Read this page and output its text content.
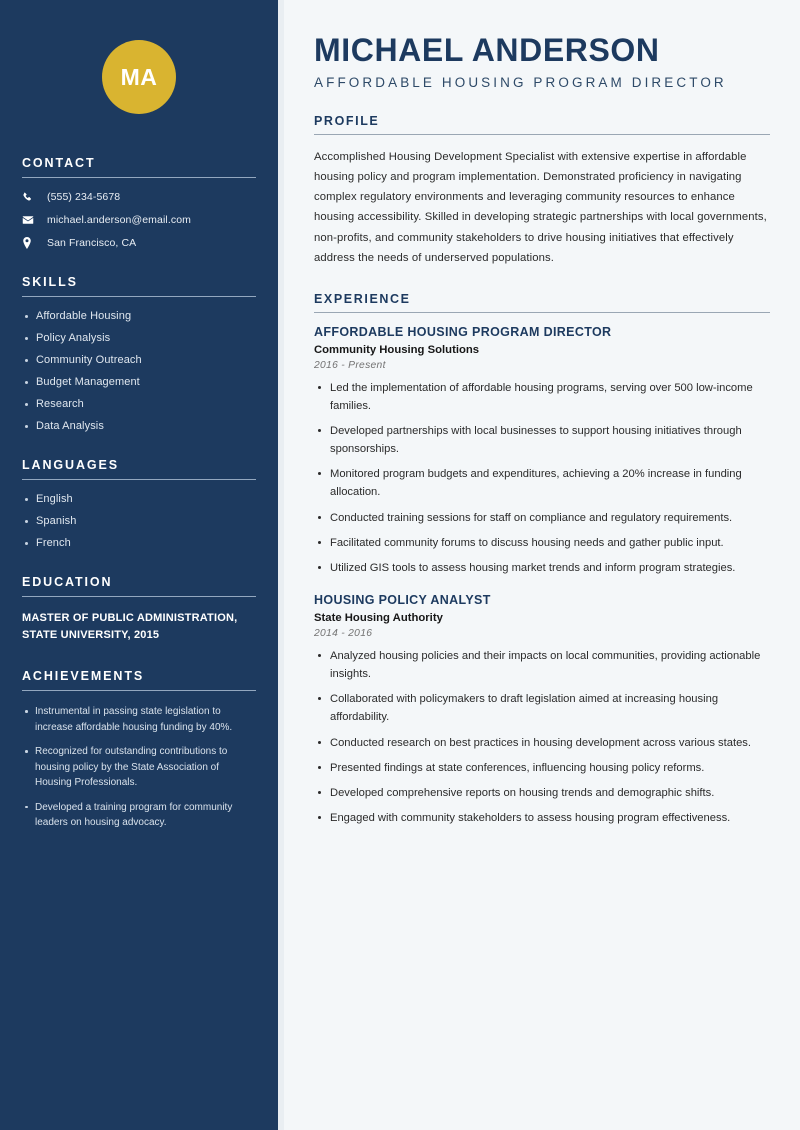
MA
CONTACT
(555) 234-5678
michael.anderson@email.com
San Francisco, CA
SKILLS
Affordable Housing
Policy Analysis
Community Outreach
Budget Management
Research
Data Analysis
LANGUAGES
English
Spanish
French
EDUCATION
MASTER OF PUBLIC ADMINISTRATION, STATE UNIVERSITY, 2015
ACHIEVEMENTS
Instrumental in passing state legislation to increase affordable housing funding by 40%.
Recognized for outstanding contributions to housing policy by the State Association of Housing Professionals.
Developed a training program for community leaders on housing advocacy.
MICHAEL ANDERSON
AFFORDABLE HOUSING PROGRAM DIRECTOR
PROFILE

Accomplished Housing Development Specialist with extensive expertise in affordable housing policy and program implementation. Demonstrated proficiency in navigating complex regulatory environments and leveraging community resources to enhance housing accessibility. Skilled in developing strategic partnerships with local governments, non-profits, and community stakeholders to drive housing initiatives that effectively address the needs of underserved populations.

EXPERIENCE
AFFORDABLE HOUSING PROGRAM DIRECTOR
Community Housing Solutions
2016 - Present
Led the implementation of affordable housing programs, serving over 500 low-income families.
Developed partnerships with local businesses to support housing initiatives through sponsorships.
Monitored program budgets and expenditures, achieving a 20% increase in funding allocation.
Conducted training sessions for staff on compliance and regulatory requirements.
Facilitated community forums to discuss housing needs and gather public input.
Utilized GIS tools to assess housing market trends and inform program strategies.
HOUSING POLICY ANALYST
State Housing Authority
2014 - 2016
Analyzed housing policies and their impacts on local communities, providing actionable insights.
Collaborated with policymakers to draft legislation aimed at increasing housing affordability.
Conducted research on best practices in housing development across various states.
Presented findings at state conferences, influencing housing policy reforms.
Developed comprehensive reports on housing trends and demographic shifts.
Engaged with community stakeholders to assess housing program effectiveness.
